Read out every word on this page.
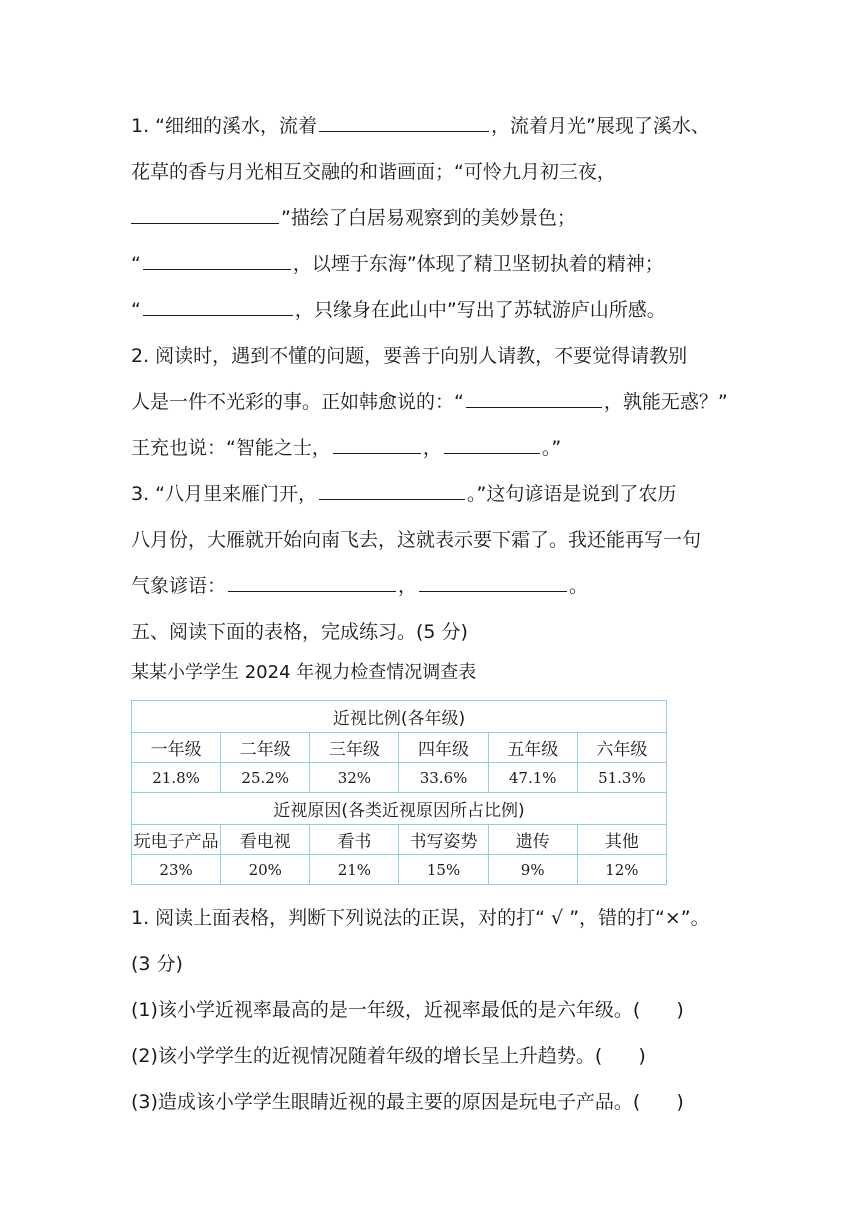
1. “细细的溪水，流着	，流着月光”展现了溪水、
花草的香与月光相互交融的和谐画面；“可怜九月初三夜，
”描绘了白居易观察到的美妙景色；
“	，以堙于东海”体现了精卫坚韧执着的精神；
“	，只缘身在此山中”写出了苏轼游庐山所感。
2. 阅读时，遇到不懂的问题，要善于向别人请教，不要觉得请教别
人是一件不光彩的事。正如韩愈说的：“	，孰能无惑？”
王充也说：“智能之士，	，	。”
3. “八月里来雁门开，	。”这句谚语是说到了农历
八月份，大雁就开始向南飞去，这就表示要下霜了。我还能再写一句
气象谚语：	，	。
五、阅读下面的表格，完成练习。(5 分)
某某小学学生 2024 年视力检查情况调查表
近视比例(各年级)					
一年级	二年级	三年级	四年级	五年级	六年级
21.8%	25.2%	32%	33.6%	47.1%	51.3%
近视原因(各类近视原因所占比例)					
玩电子产品	看电视	看书	书写姿势	遗传	其他
23%	20%	21%	15%	9%	12%
1. 阅读上面表格，判断下列说法的正误，对的打“ √ ”，错的打“×”。
(3 分)
(1)该小学近视率最高的是一年级，近视率最低的是六年级。( )
(2)该小学学生的近视情况随着年级的增长呈上升趋势。( )
(3)造成该小学学生眼睛近视的最主要的原因是玩电子产品。( )
